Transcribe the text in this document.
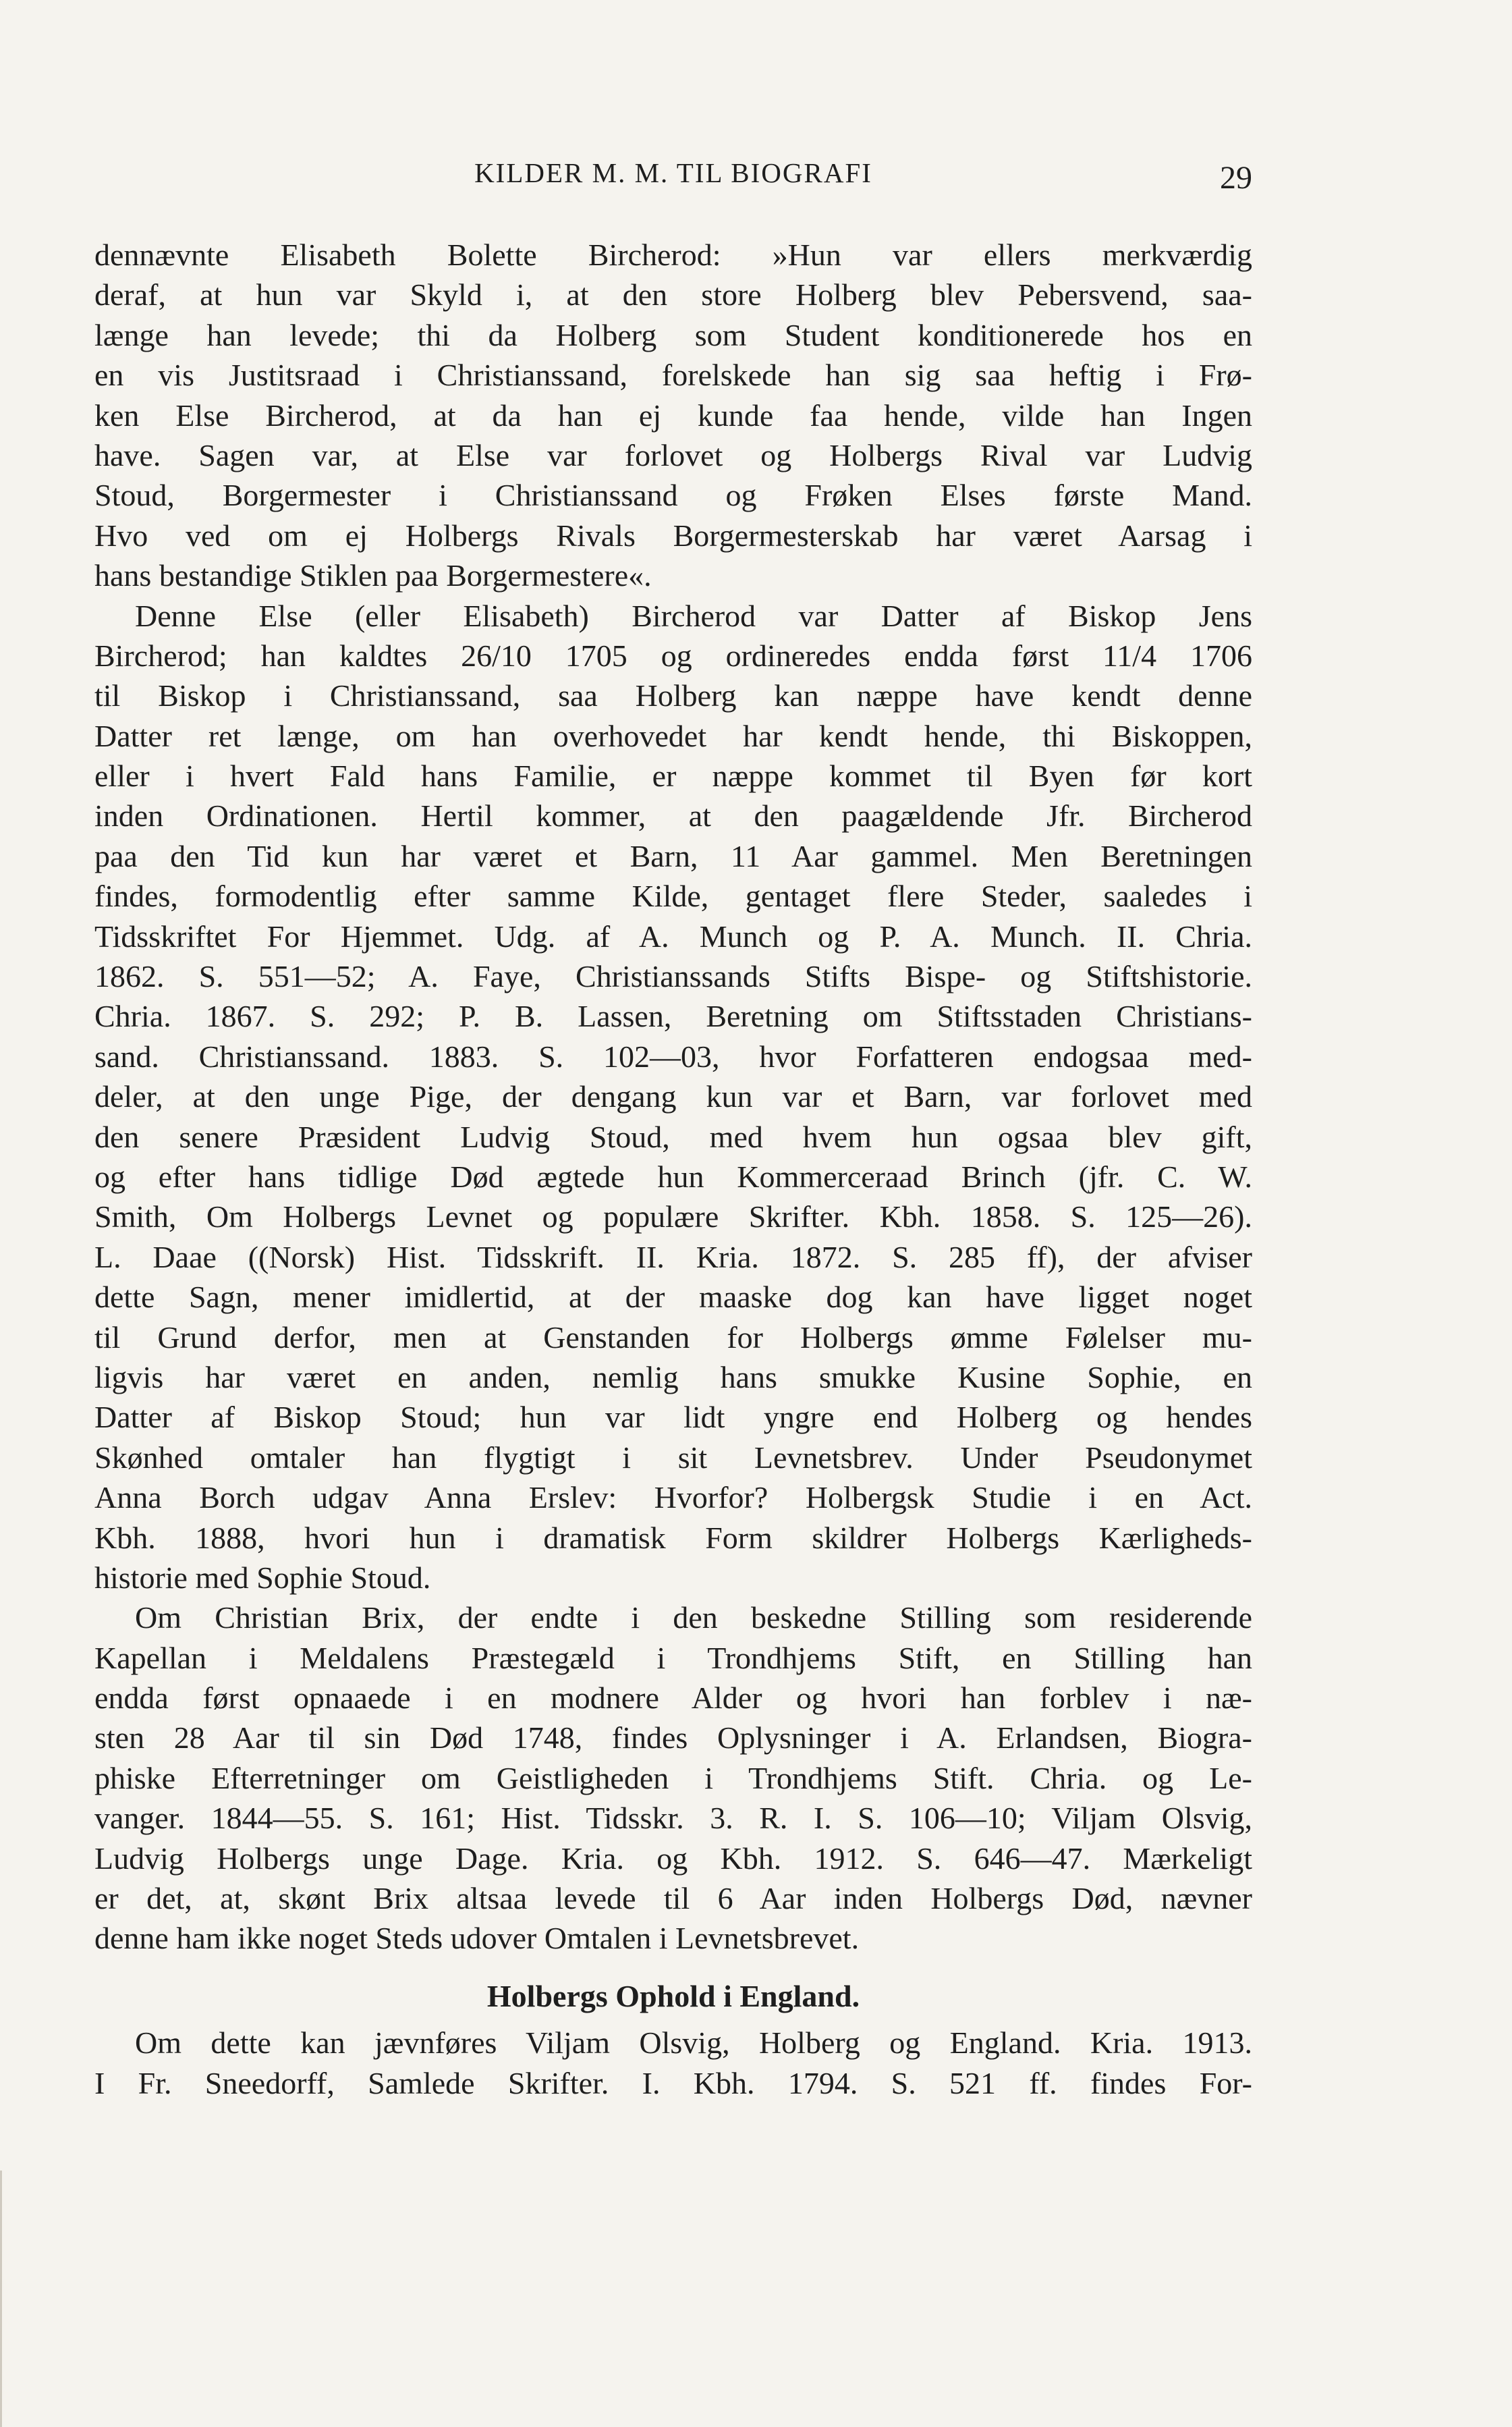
KILDER M. M. TIL BIOGRAFI	29
dennævnte Elisabeth Bolette Bircherod: »Hun var ellers merkværdig
deraf, at hun var Skyld i, at den store Holberg blev Pebersvend, saa-
længe han levede; thi da Holberg som Student konditionerede hos en
en vis Justitsraad i Christianssand, forelskede han sig saa heftig i Frø-
ken Else Bircherod, at da han ej kunde faa hende, vilde han Ingen
have. Sagen var, at Else var forlovet og Holbergs Rival var Ludvig
Stoud, Borgermester i Christianssand og Frøken Elses første Mand.
Hvo ved om ej Holbergs Rivals Borgermesterskab har været Aarsag i
hans bestandige Stiklen paa Borgermestere«.
Denne Else (eller Elisabeth) Bircherod var Datter af Biskop Jens
Bircherod; han kaldtes 26/10 1705 og ordineredes endda først 11/4 1706
til Biskop i Christianssand, saa Holberg kan næppe have kendt denne
Datter ret længe, om han overhovedet har kendt hende, thi Biskoppen,
eller i hvert Fald hans Familie, er næppe kommet til Byen før kort
inden Ordinationen. Hertil kommer, at den paagældende Jfr. Bircherod
paa den Tid kun har været et Barn, 11 Aar gammel. Men Beretningen
findes, formodentlig efter samme Kilde, gentaget flere Steder, saaledes i
Tidsskriftet For Hjemmet. Udg. af A. Munch og P. A. Munch. II. Chria.
1862. S. 551—52; A. Faye, Christianssands Stifts Bispe- og Stiftshistorie.
Chria. 1867. S. 292; P. B. Lassen, Beretning om Stiftsstaden Christians-
sand. Christianssand. 1883. S. 102—03, hvor Forfatteren endogsaa med-
deler, at den unge Pige, der dengang kun var et Barn, var forlovet med
den senere Præsident Ludvig Stoud, med hvem hun ogsaa blev gift,
og efter hans tidlige Død ægtede hun Kommerceraad Brinch (jfr. C. W.
Smith, Om Holbergs Levnet og populære Skrifter. Kbh. 1858. S. 125—26).
L. Daae ((Norsk) Hist. Tidsskrift. II. Kria. 1872. S. 285 ff), der afviser
dette Sagn, mener imidlertid, at der maaske dog kan have ligget noget
til Grund derfor, men at Genstanden for Holbergs ømme Følelser mu-
ligvis har været en anden, nemlig hans smukke Kusine Sophie, en
Datter af Biskop Stoud; hun var lidt yngre end Holberg og hendes
Skønhed omtaler han flygtigt i sit Levnetsbrev. Under Pseudonymet
Anna Borch udgav Anna Erslev: Hvorfor? Holbergsk Studie i en Act.
Kbh. 1888, hvori hun i dramatisk Form skildrer Holbergs Kærligheds-
historie med Sophie Stoud.
Om Christian Brix, der endte i den beskedne Stilling som residerende
Kapellan i Meldalens Præstegæld i Trondhjems Stift, en Stilling han
endda først opnaaede i en modnere Alder og hvori han forblev i næ-
sten 28 Aar til sin Død 1748, findes Oplysninger i A. Erlandsen, Biogra-
phiske Efterretninger om Geistligheden i Trondhjems Stift. Chria. og Le-
vanger. 1844—55. S. 161; Hist. Tidsskr. 3. R. I. S. 106—10; Viljam Olsvig,
Ludvig Holbergs unge Dage. Kria. og Kbh. 1912. S. 646—47. Mærkeligt
er det, at, skønt Brix altsaa levede til 6 Aar inden Holbergs Død, nævner
denne ham ikke noget Steds udover Omtalen i Levnetsbrevet.
Holbergs Ophold i England.
Om dette kan jævnføres Viljam Olsvig, Holberg og England. Kria. 1913.
I Fr. Sneedorff, Samlede Skrifter. I. Kbh. 1794. S. 521 ff. findes For-
